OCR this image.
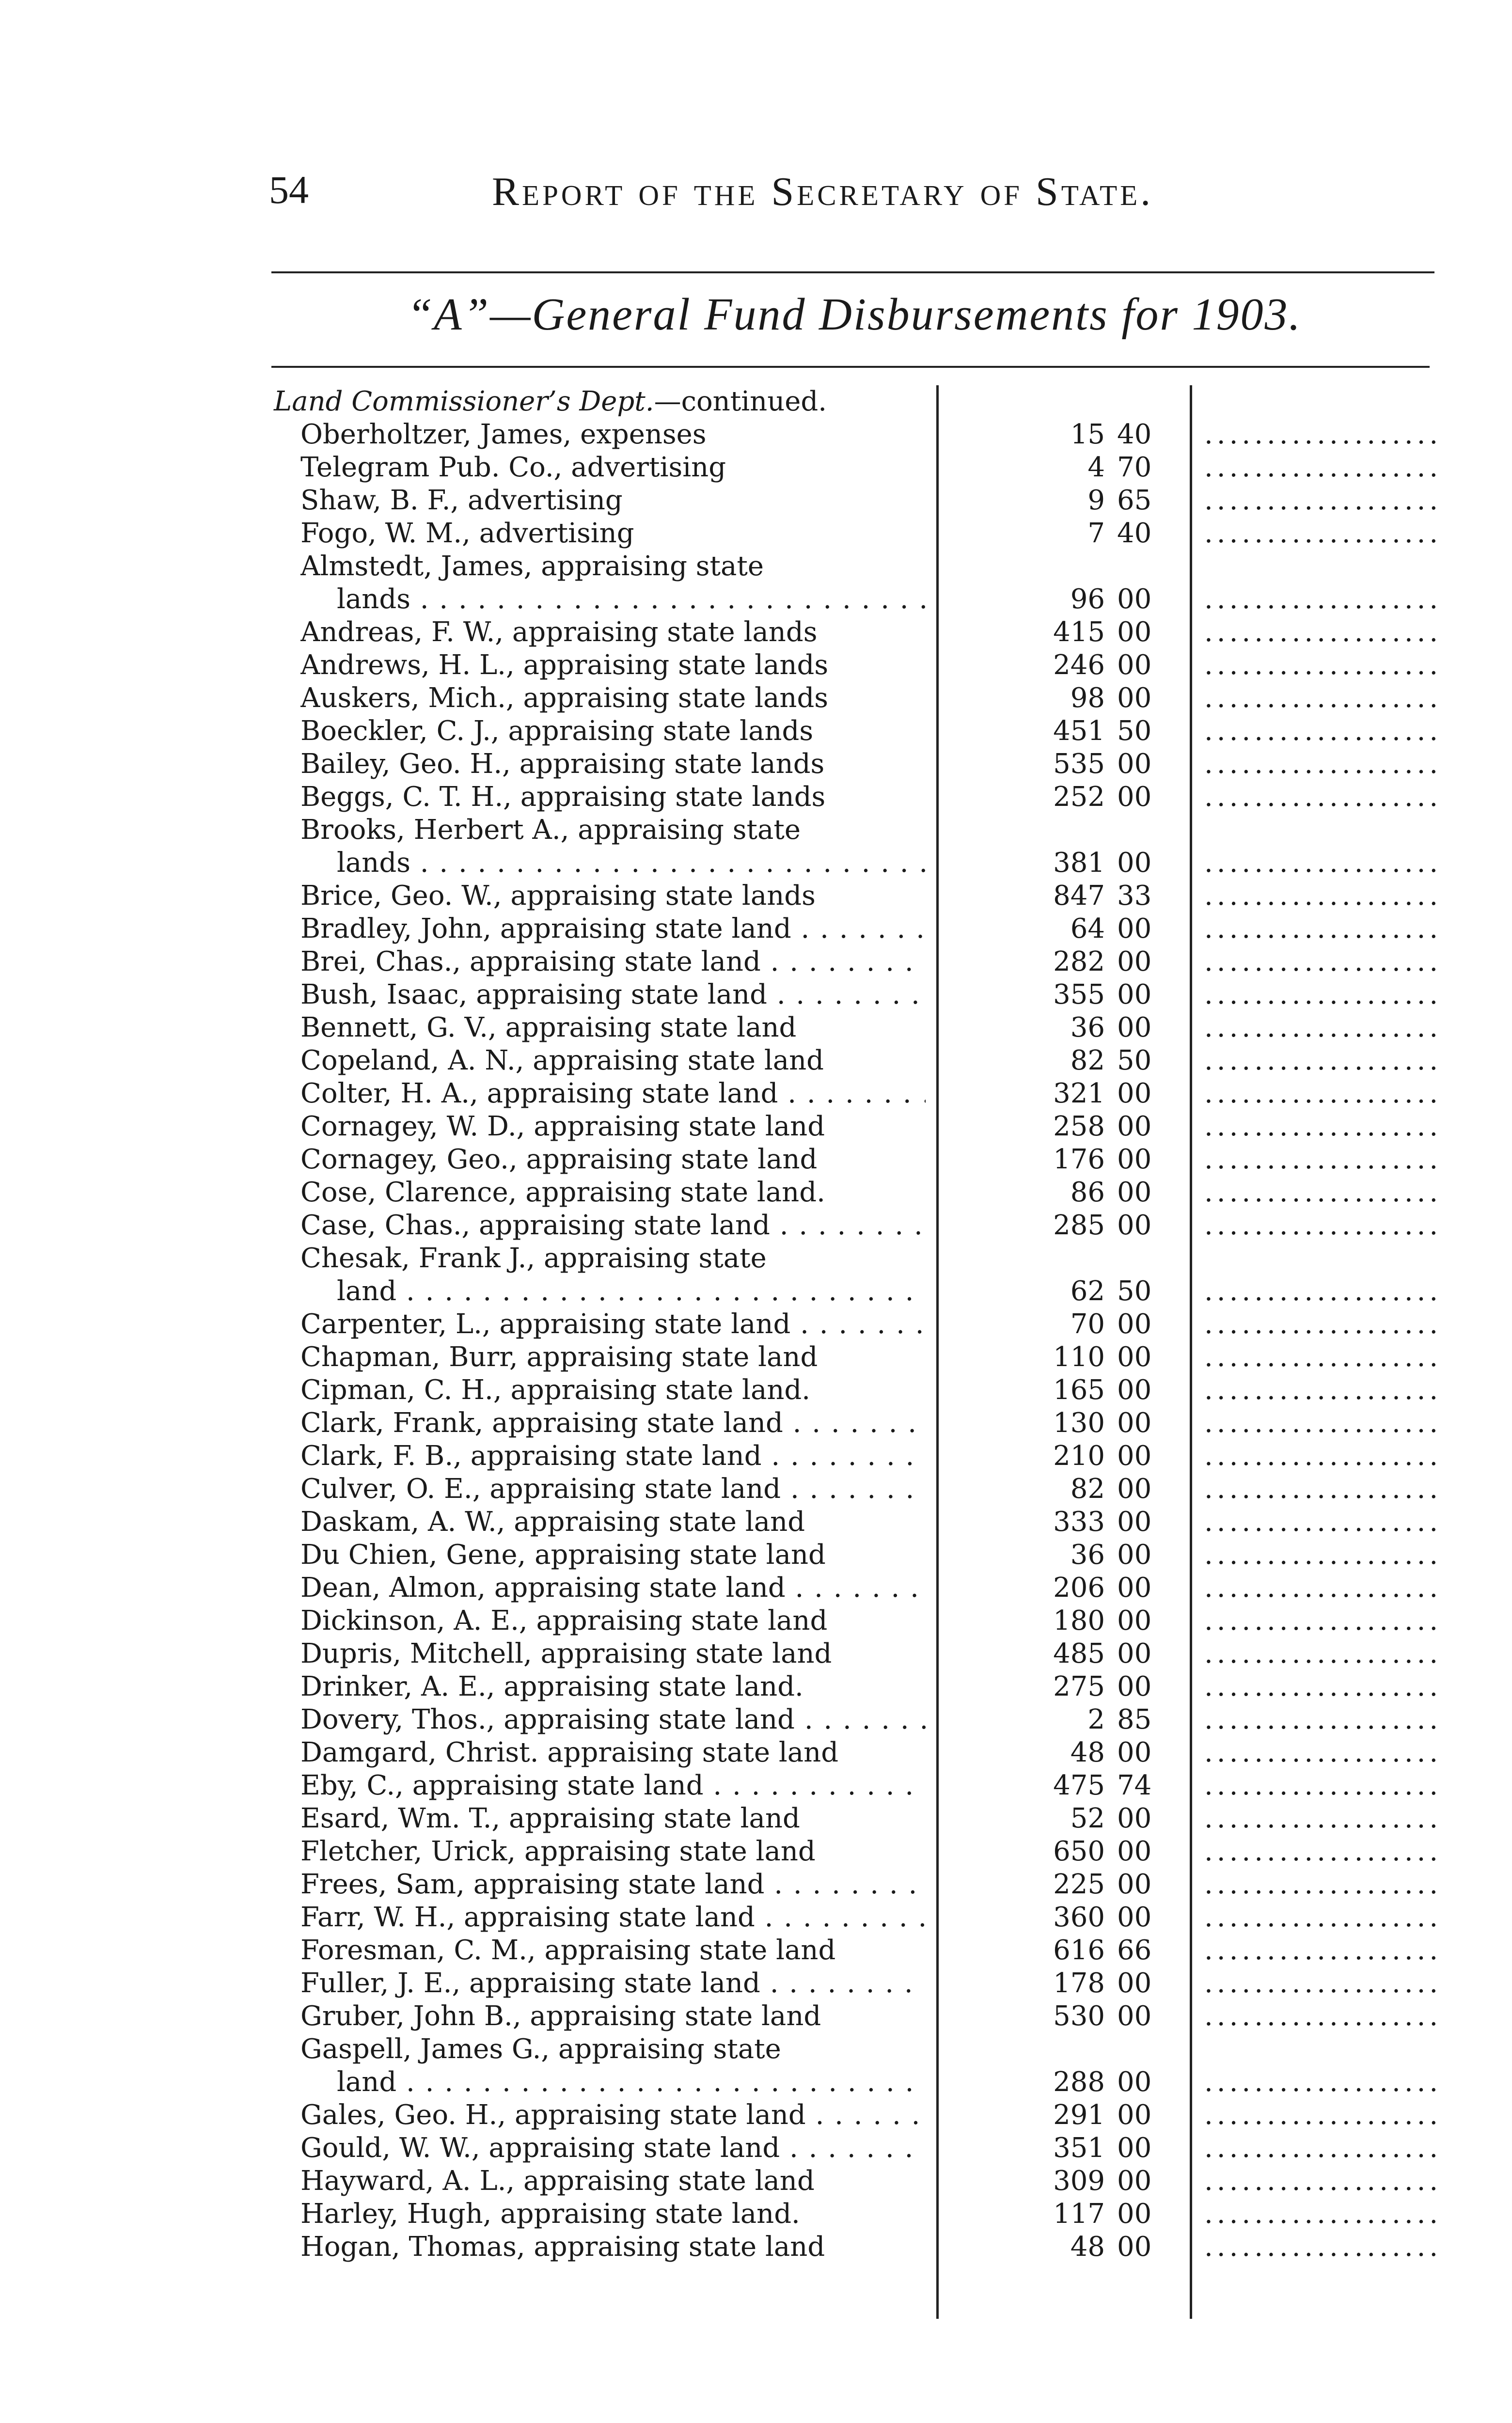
54	Report of the Secretary of State.
“A”—General Fund Disbursements for 1903.
Land Commissioner’s Dept.—continued.
Oberholtzer, James, expenses	15 40
.....
Telegram Pub. Co., advertising	4 70
.....
Shaw, B. F., advertising	9 65
.....
Fogo, W. M., advertising	7 40
.....
Almstedt, James, appraising state
lands . . .	96 00
.....
Andreas, F. W., appraising state lands	415 00
.....
Andrews, H. L., appraising state lands	246 00
.....
Auskers, Mich., appraising state lands	98 00
.....
Boeckler, C. J., appraising state lands	451 50
.....
Bailey, Geo. H., appraising state lands	535 00
.....
Beggs, C. T. H., appraising state lands	252 00
.....
Brooks, Herbert A., appraising state
lands . . .	381 00
.....
Brice, Geo. W., appraising state lands	847 33
.....
Bradley, John, appraising state land . . .	64 00
.....
Brei, Chas., appraising state land . . .	282 00
.....
Bush, Isaac, appraising state land . . .	355 00
.....
Bennett, G. V., appraising state land	36 00
.....
Copeland, A. N., appraising state land	82 50
.....
Colter, H. A., appraising state land . . .	321 00
.....
Cornagey, W. D., appraising state land	258 00
.....
Cornagey, Geo., appraising state land	176 00
.....
Cose, Clarence, appraising state land.	86 00
.....
Case, Chas., appraising state land . . .	285 00
.....
Chesak, Frank J., appraising state
land . . .	62 50
.....
Carpenter, L., appraising state land . . .	70 00
.....
Chapman, Burr, appraising state land	110 00
.....
Cipman, C. H., appraising state land.	165 00
.....
Clark, Frank, appraising state land . . .	130 00
.....
Clark, F. B., appraising state land . . .	210 00
.....
Culver, O. E., appraising state land . . .	82 00
.....
Daskam, A. W., appraising state land	333 00
.....
Du Chien, Gene, appraising state land	36 00
.....
Dean, Almon, appraising state land . . .	206 00
.....
Dickinson, A. E., appraising state land	180 00
.....
Dupris, Mitchell, appraising state land	485 00
.....
Drinker, A. E., appraising state land.	275 00
.....
Dovery, Thos., appraising state land . . .	2 85
.....
Damgard, Christ. appraising state land	48 00
.....
Eby, C., appraising state land . . .	475 74
.....
Esard, Wm. T., appraising state land	52 00
.....
Fletcher, Urick, appraising state land	650 00
.....
Frees, Sam, appraising state land . . .	225 00
.....
Farr, W. H., appraising state land . . .	360 00
.....
Foresman, C. M., appraising state land	616 66
.....
Fuller, J. E., appraising state land . . .	178 00
.....
Gruber, John B., appraising state land	530 00
.....
Gaspell, James G., appraising state
land . . .	288 00
.....
Gales, Geo. H., appraising state land . . .	291 00
.....
Gould, W. W., appraising state land . . .	351 00
.....
Hayward, A. L., appraising state land	309 00
.....
Harley, Hugh, appraising state land.	117 00
.....
Hogan, Thomas, appraising state land	48 00
.....
